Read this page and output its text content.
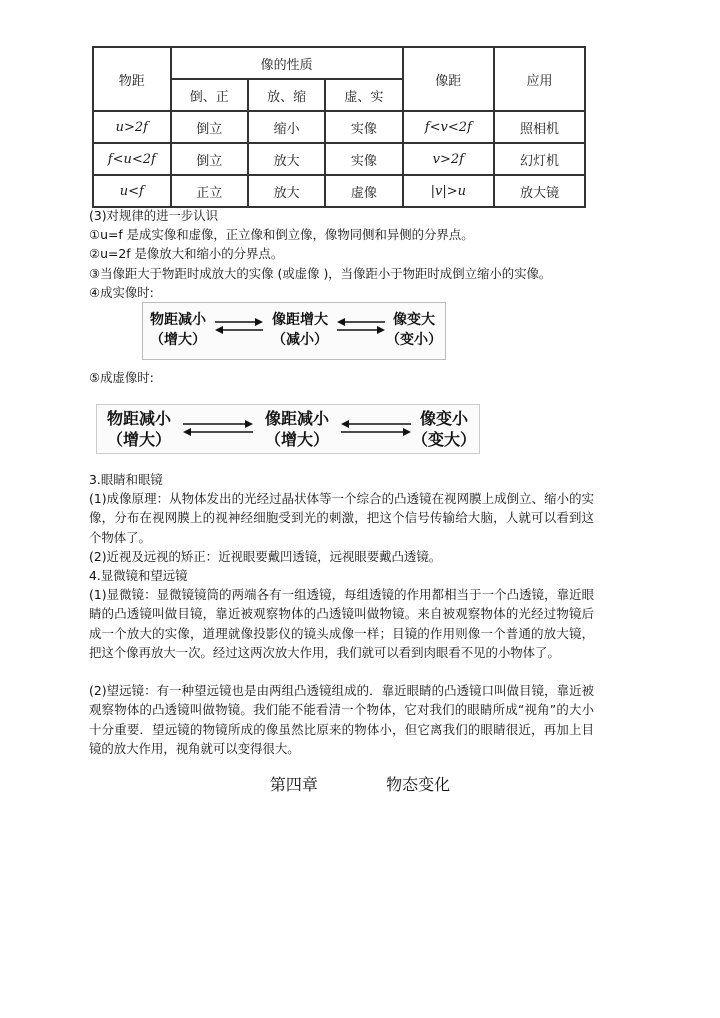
物距	像的性质			像距	应用
	倒、正	放、缩	虚、实		
u>2f	倒立	缩小	实像	f<v<2f	照相机
f<u<2f	倒立	放大	实像	v>2f	幻灯机
u<f	正立	放大	虚像	|v|>u	放大镜
(3)对规律的进一步认识
①u=f 是成实像和虚像，正立像和倒立像，像物同侧和异侧的分界点。
②u=2f 是像放大和缩小的分界点。
③当像距大于物距时成放大的实像 (或虚像 )，当像距小于物距时成倒立缩小的实像。
④成实像时:
物距减小
（增大）
像距增大
（减小）
像变大
（变小）
⑤成虚像时:
物距减小
（增大）
像距减小
（增大）
像变小
（变大）
3.眼睛和眼镜
(1)成像原理：从物体发出的光经过晶状体等一个综合的凸透镜在视网膜上成倒立、缩小的实像，分布在视网膜上的视神经细胞受到光的刺激，把这个信号传输给大脑，人就可以看到这个物体了。
(2)近视及远视的矫正：近视眼要戴凹透镜，远视眼要戴凸透镜。
4.显微镜和望远镜
(1)显微镜：显微镜镜筒的两端各有一组透镜，每组透镜的作用都相当于一个凸透镜，靠近眼睛的凸透镜叫做目镜，靠近被观察物体的凸透镜叫做物镜。来自被观察物体的光经过物镜后成一个放大的实像，道理就像投影仪的镜头成像一样；目镜的作用则像一个普通的放大镜，把这个像再放大一次。经过这两次放大作用，我们就可以看到肉眼看不见的小物体了。
(2)望远镜：有一种望远镜也是由两组凸透镜组成的．靠近眼睛的凸透镜口叫做目镜，靠近被观察物体的凸透镜叫做物镜。我们能不能看清一个物体，它对我们的眼睛所成“视角”的大小十分重要．望远镜的物镜所成的像虽然比原来的物体小，但它离我们的眼睛很近，再加上目镜的放大作用，视角就可以变得很大。
第四章	物态变化
